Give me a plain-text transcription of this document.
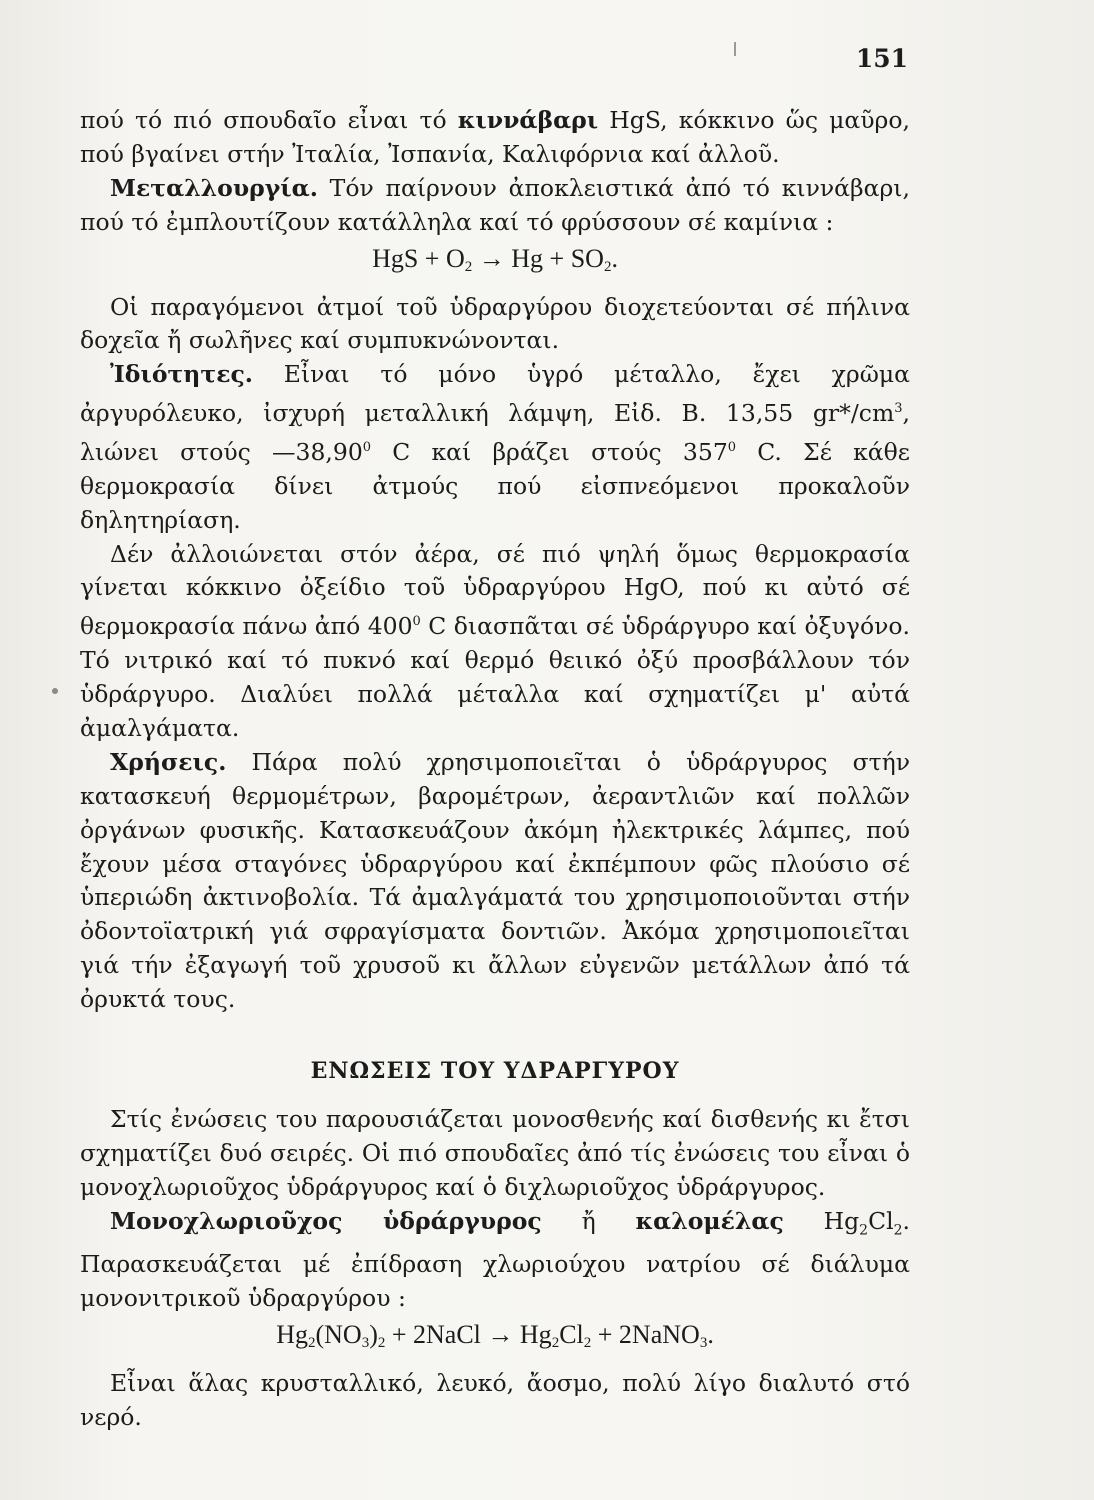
151

πού τό πιό σπουδαῖο εἶναι τό κιννάβαρι HgS, κόκκινο ὥς μαῦρο, πού βγαίνει στήν Ἰταλία, Ἰσπανία, Καλιφόρνια καί ἀλλοῦ.

Μεταλλουργία. Τόν παίρνουν ἀποκλειστικά ἀπό τό κιννάβαρι, πού τό ἐμπλουτίζουν κατάλληλα καί τό φρύσσουν σέ καμίνια :

HgS + $O_2 \to Hg + SO_2$.

Οἱ παραγόμενοι ἀτμοί τοῦ ὑδραργύρου διοχετεύονται σέ πήλινα δοχεῖα ἤ σωλῆνες καί συμπυκνώνονται.

Ἰδιότητες. Εἶναι τό μόνο ὑγρό μέταλλο, ἔχει χρῶμα ἀργυρόλευκο, ἰσχυρή μεταλλική λάμψη, Εἰδ. Β. 13,55 $gr*/cm^3$, λιώνει στούς —38,90$^0$ C καί βράζει στούς $357^0$ C. Σέ κάθε θερμοκρασία δίνει ἀτμούς πού εἰσπνεόμενοι προκαλοῦν δηλητηρίαση.

Δέν ἀλλοιώνεται στόν ἀέρα, σέ πιό ψηλή ὅμως θερμοκρασία γίνεται κόκκινο ὀξείδιο τοῦ ὑδραργύρου HgO, πού κι αὐτό σέ θερμοκρασία πάνω ἀπό $400^0$ C διασπᾶται σέ ὑδράργυρο καί ὀξυγόνο. Τό νιτρικό καί τό πυκνό καί θερμό θειικό ὀξύ προσβάλλουν τόν ὑδράργυρο. Διαλύει πολλά μέταλλα καί σχηματίζει μ' αὐτά ἀμαλγάματα.

Χρήσεις. Πάρα πολύ χρησιμοποιεῖται ὁ ὑδράργυρος στήν κατασκευή θερμομέτρων, βαρομέτρων, ἀεραντλιῶν καί πολλῶν ὀργάνων φυσικῆς. Κατασκευάζουν ἀκόμη ἠλεκτρικές λάμπες, πού ἔχουν μέσα σταγόνες ὑδραργύρου καί ἐκπέμπουν φῶς πλούσιο σέ ὑπεριώδη ἀκτινοβολία. Τά ἀμαλγάματά του χρησιμοποιοῦνται στήν ὀδοντοϊατρική γιά σφραγίσματα δοντιῶν. Ἀκόμα χρησιμοποιεῖται γιά τήν ἐξαγωγή τοῦ χρυσοῦ κι ἄλλων εὐγενῶν μετάλλων ἀπό τά ὀρυκτά τους.

ΕΝΩΣΕΙΣ ΤΟΥ ΥΔΡΑΡΓΥΡΟΥ

Στίς ἐνώσεις του παρουσιάζεται μονοσθενής καί δισθενής κι ἔτσι σχηματίζει δυό σειρές. Οἱ πιό σπουδαῖες ἀπό τίς ἐνώσεις του εἶναι ὁ μονοχλωριοῦχος ὑδράργυρος καί ὁ διχλωριοῦχος ὑδράργυρος.

Μονοχλωριοῦχος ὑδράργυρος ἤ καλομέλας $Hg_2Cl_2$. Παρασκευάζεται μέ ἐπίδραση χλωριούχου νατρίου σέ διάλυμα μονονιτρικοῦ ὑδραργύρου :

$Hg_2(NO_3)_2$ + 2NaCl → $Hg_2Cl_2$ + 2NaNO$_3$.

Εἶναι ἅλας κρυσταλλικό, λευκό, ἄοσμο, πολύ λίγο διαλυτό στό νερό.
